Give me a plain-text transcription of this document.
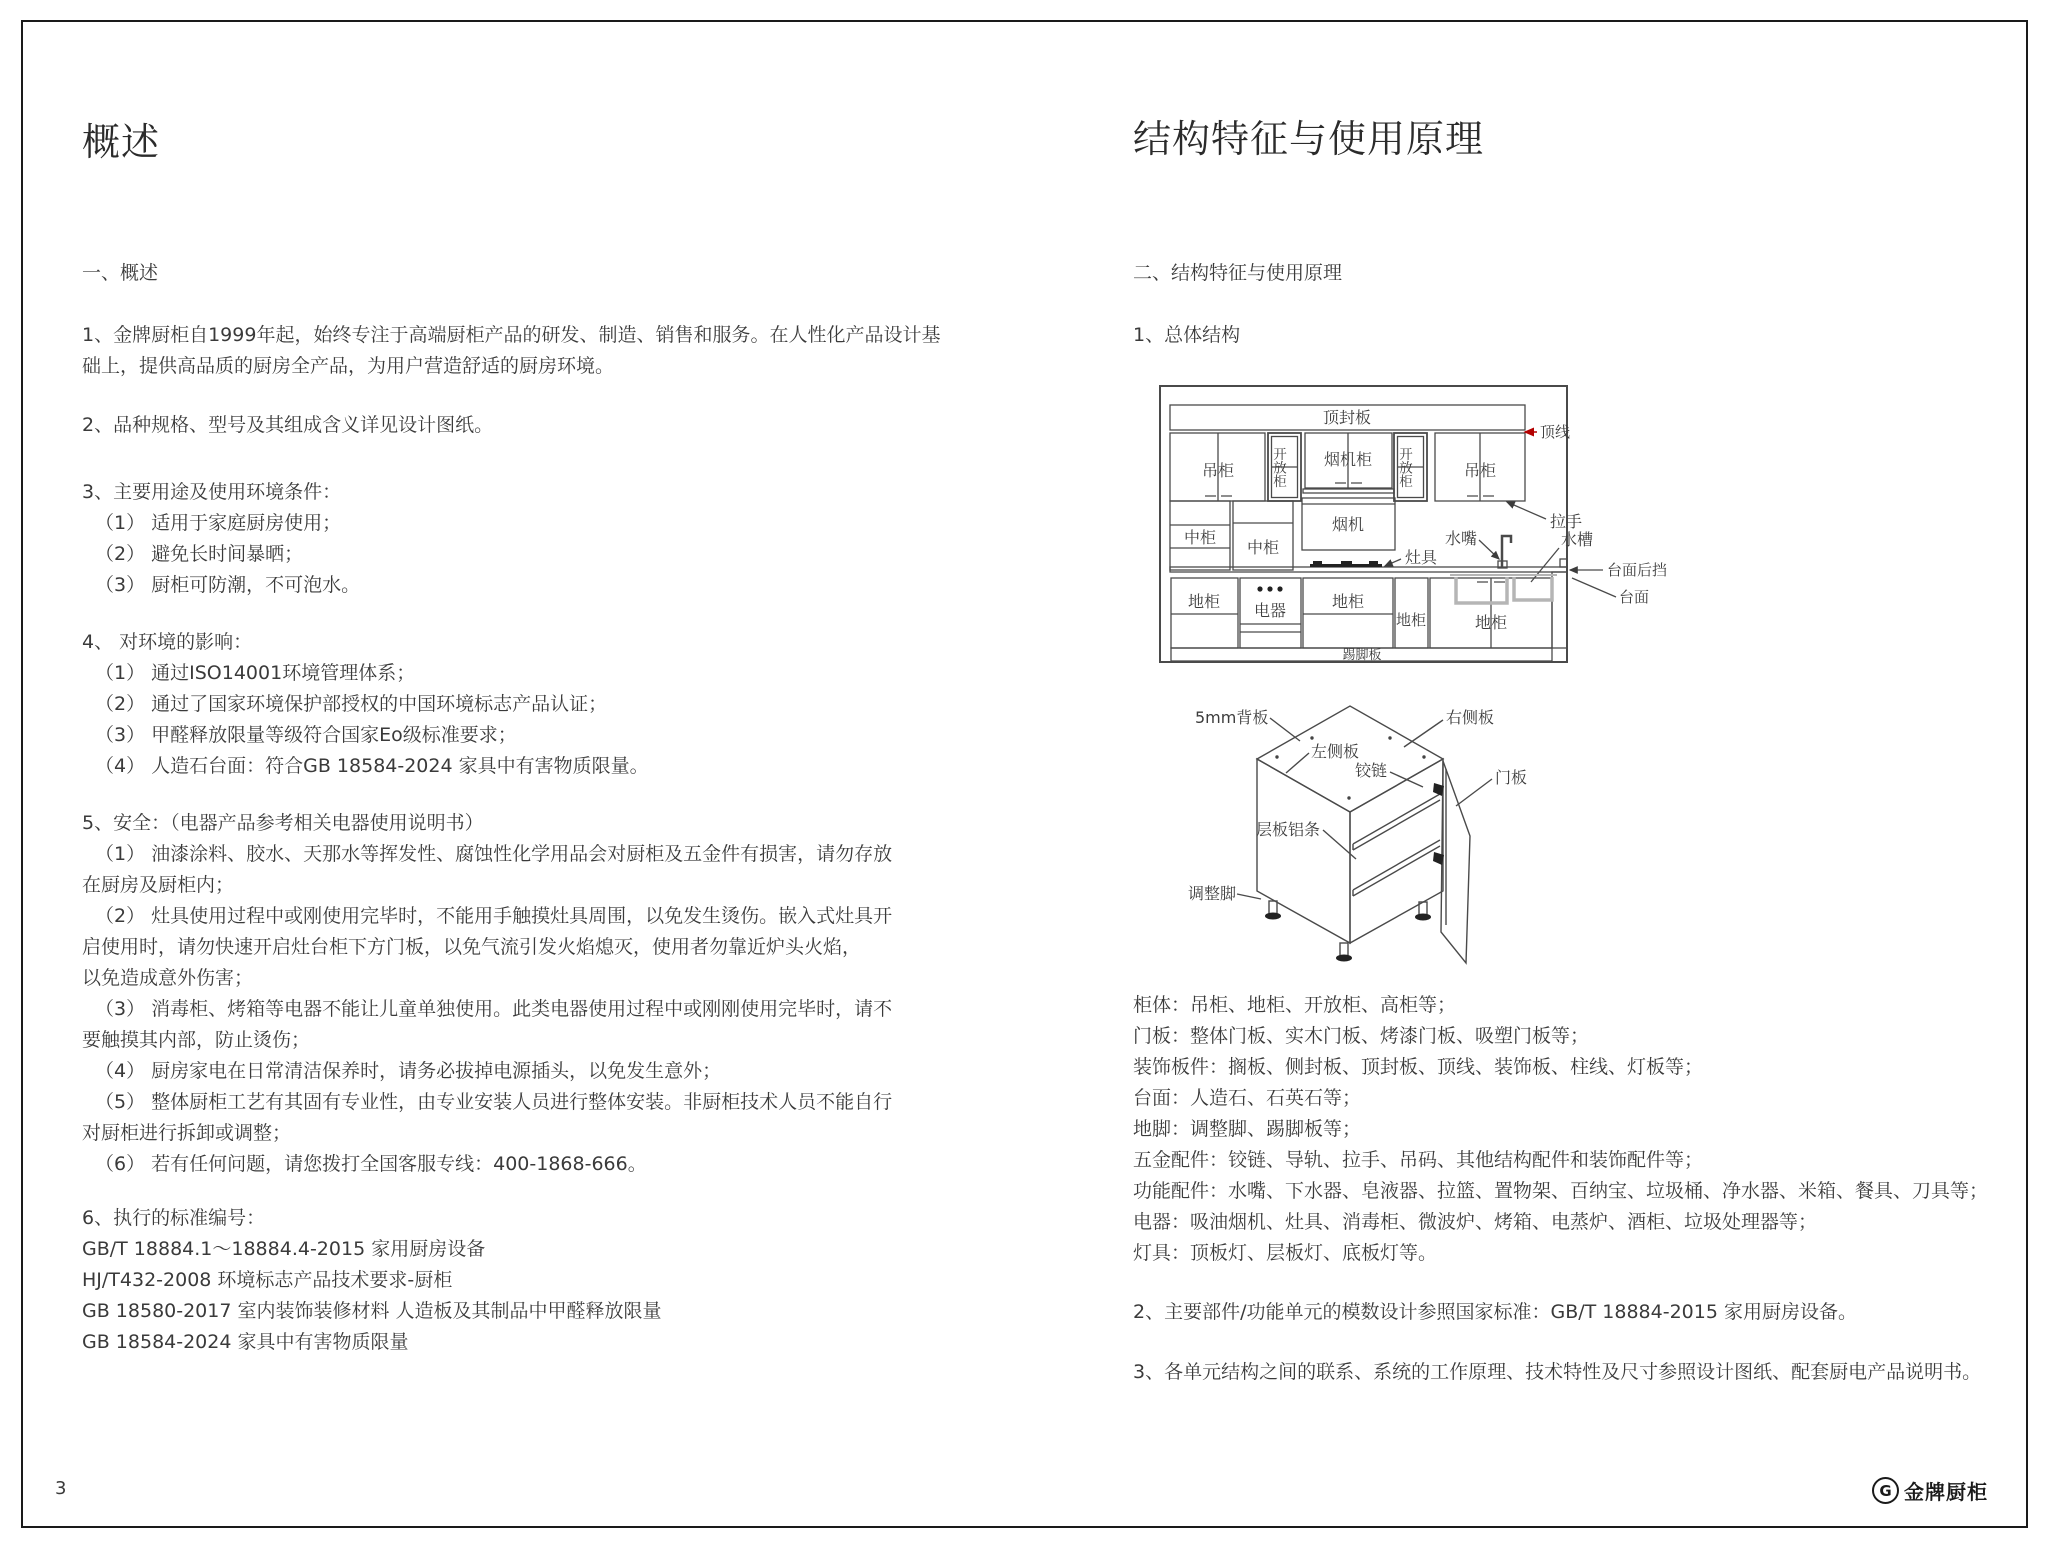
概述
一、概述
1、金牌厨柜自1999年起，始终专注于高端厨柜产品的研发、制造、销售和服务。在人性化产品设计基
础上，提供高品质的厨房全产品，为用户营造舒适的厨房环境。
2、品种规格、型号及其组成含义详见设计图纸。
3、主要用途及使用环境条件：
（1） 适用于家庭厨房使用；
（2） 避免长时间暴晒；
（3） 厨柜可防潮，不可泡水。
4、 对环境的影响：
（1） 通过ISO14001环境管理体系；
（2） 通过了国家环境保护部授权的中国环境标志产品认证；
（3） 甲醛释放限量等级符合国家Eo级标准要求；
（4） 人造石台面：符合GB 18584-2024 家具中有害物质限量。
5、安全：（电器产品参考相关电器使用说明书）
（1） 油漆涂料、胶水、天那水等挥发性、腐蚀性化学用品会对厨柜及五金件有损害，请勿存放
在厨房及厨柜内；
（2） 灶具使用过程中或刚使用完毕时，不能用手触摸灶具周围，以免发生烫伤。嵌入式灶具开
启使用时，请勿快速开启灶台柜下方门板，以免气流引发火焰熄灭，使用者勿靠近炉头火焰，
以免造成意外伤害；
（3） 消毒柜、烤箱等电器不能让儿童单独使用。此类电器使用过程中或刚刚使用完毕时，请不
要触摸其内部，防止烫伤；
（4） 厨房家电在日常清洁保养时，请务必拔掉电源插头，以免发生意外；
（5） 整体厨柜工艺有其固有专业性，由专业安装人员进行整体安装。非厨柜技术人员不能自行
对厨柜进行拆卸或调整；
（6） 若有任何问题，请您拨打全国客服专线：400-1868-666。
6、执行的标准编号：
GB/T 18884.1～18884.4-2015 家用厨房设备
HJ/T432-2008 环境标志产品技术要求-厨柜
GB 18580-2017 室内装饰装修材料 人造板及其制品中甲醛释放限量
GB 18584-2024 家具中有害物质限量
结构特征与使用原理
二、结构特征与使用原理
1、总体结构
顶封板
顶线
吊柜	开放柜 烟机柜 开放柜	吊柜
拉手
中柜
中柜
烟机
灶具
水嘴	水槽
台面后挡
台面
地柜 电器	地柜
地柜	地柜
踢脚板
5mm背板	右侧板
左侧板
铰链	门板
层板铝条
调整脚
柜体：吊柜、地柜、开放柜、高柜等；
门板：整体门板、实木门板、烤漆门板、吸塑门板等；
装饰板件：搁板、侧封板、顶封板、顶线、装饰板、柱线、灯板等；
台面：人造石、石英石等；
地脚：调整脚、踢脚板等；
五金配件：铰链、导轨、拉手、吊码、其他结构配件和装饰配件等；
功能配件：水嘴、下水器、皂液器、拉篮、置物架、百纳宝、垃圾桶、净水器、米箱、餐具、刀具等；
电器：吸油烟机、灶具、消毒柜、微波炉、烤箱、电蒸炉、酒柜、垃圾处理器等；
灯具：顶板灯、层板灯、底板灯等。
2、主要部件/功能单元的模数设计参照国家标准：GB/T 18884-2015 家用厨房设备。
3、各单元结构之间的联系、系统的工作原理、技术特性及尺寸参照设计图纸、配套厨电产品说明书。
3	G 金牌厨柜
